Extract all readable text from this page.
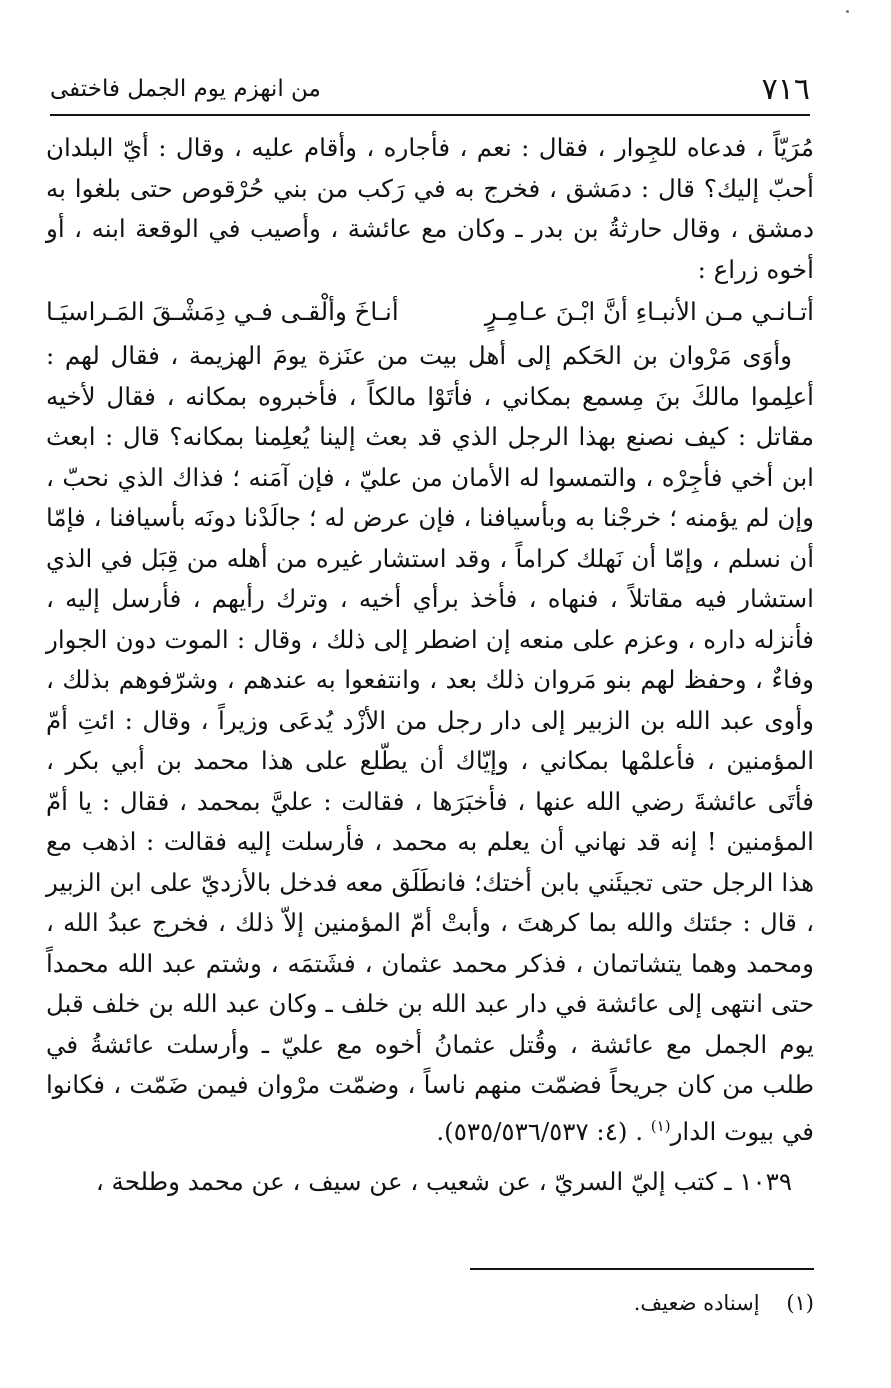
٧١٦
من انهزم يوم الجمل فاختفى

مُرَيّاً ، فدعاه للجِوار ، فقال : نعم ، فأجاره ، وأقام عليه ، وقال : أيّ البلدان أحبّ إليك؟ قال : دمَشق ، فخرج به في رَكب من بني حُرْقوص حتى بلغوا به دمشق ، وقال حارثةُ بن بدر ـ وكان مع عائشة ، وأصيب في الوقعة ابنه ، أو أخوه زراع :

أتـانـي مـن الأنبـاءِ أنَّ ابْـنَ عـامِـرٍ
أنـاخَ وألْقـى فـي دِمَشْـقَ المَـراسيَـا

وأوَى مَرْوان بن الحَكم إلى أهل بيت من عنَزة يومَ الهزيمة ، فقال لهم : أعلِموا مالكَ بنَ مِسمع بمكاني ، فأتَوْا مالكاً ، فأخبروه بمكانه ، فقال لأخيه مقاتل : كيف نصنع بهذا الرجل الذي قد بعث إلينا يُعلِمنا بمكانه؟ قال : ابعث ابن أخي فأجِرْه ، والتمسوا له الأمان من عليّ ، فإن آمَنه ؛ فذاك الذي نحبّ ، وإن لم يؤمنه ؛ خرجْنا به وبأسيافنا ، فإن عرض له ؛ جالَدْنا دونَه بأسيافنا ، فإمّا أن نسلم ، وإمّا أن نَهلك كراماً ، وقد استشار غيره من أهله من قِبَل في الذي استشار فيه مقاتلاً ، فنهاه ، فأخذ برأي أخيه ، وترك رأيهم ، فأرسل إليه ، فأنزله داره ، وعزم على منعه إن اضطر إلى ذلك ، وقال : الموت دون الجوار وفاءٌ ، وحفظ لهم بنو مَروان ذلك بعد ، وانتفعوا به عندهم ، وشرّفوهم بذلك ، وأوى عبد الله بن الزبير إلى دار رجل من الأزْد يُدعَى وزيراً ، وقال : ائتِ أمّ المؤمنين ، فأعلمْها بمكاني ، وإيّاك أن يطّلع على هذا محمد بن أبي بكر ، فأتَى عائشةَ رضي الله عنها ، فأخبَرَها ، فقالت : عليَّ بمحمد ، فقال : يا أمّ المؤمنين ! إنه قد نهاني أن يعلم به محمد ، فأرسلت إليه فقالت : اذهب مع هذا الرجل حتى تجيئَني بابن أختك؛ فانطَلَق معه فدخل بالأزديّ على ابن الزبير ، قال : جئتك والله بما كرهتَ ، وأبتْ أمّ المؤمنين إلاّ ذلك ، فخرج عبدُ الله ، ومحمد وهما يتشاتمان ، فذكر محمد عثمان ، فشَتمَه ، وشتم عبد الله محمداً حتى انتهى إلى عائشة في دار عبد الله بن خلف ـ وكان عبد الله بن خلف قبل يوم الجمل مع عائشة ، وقُتل عثمانُ أخوه مع عليّ ـ وأرسلت عائشةُ في طلب من كان جريحاً فضمّت منهم ناساً ، وضمّت مرْوان فيمن ضَمّت ، فكانوا في بيوت الدار$^{(١)}$ . (٤: ٥٣٥/٥٣٦/٥٣٧).

١٠٣٩ ـ كتب إليّ السريّ ، عن شعيب ، عن سيف ، عن محمد وطلحة ،

(١)    إسناده ضعيف.
